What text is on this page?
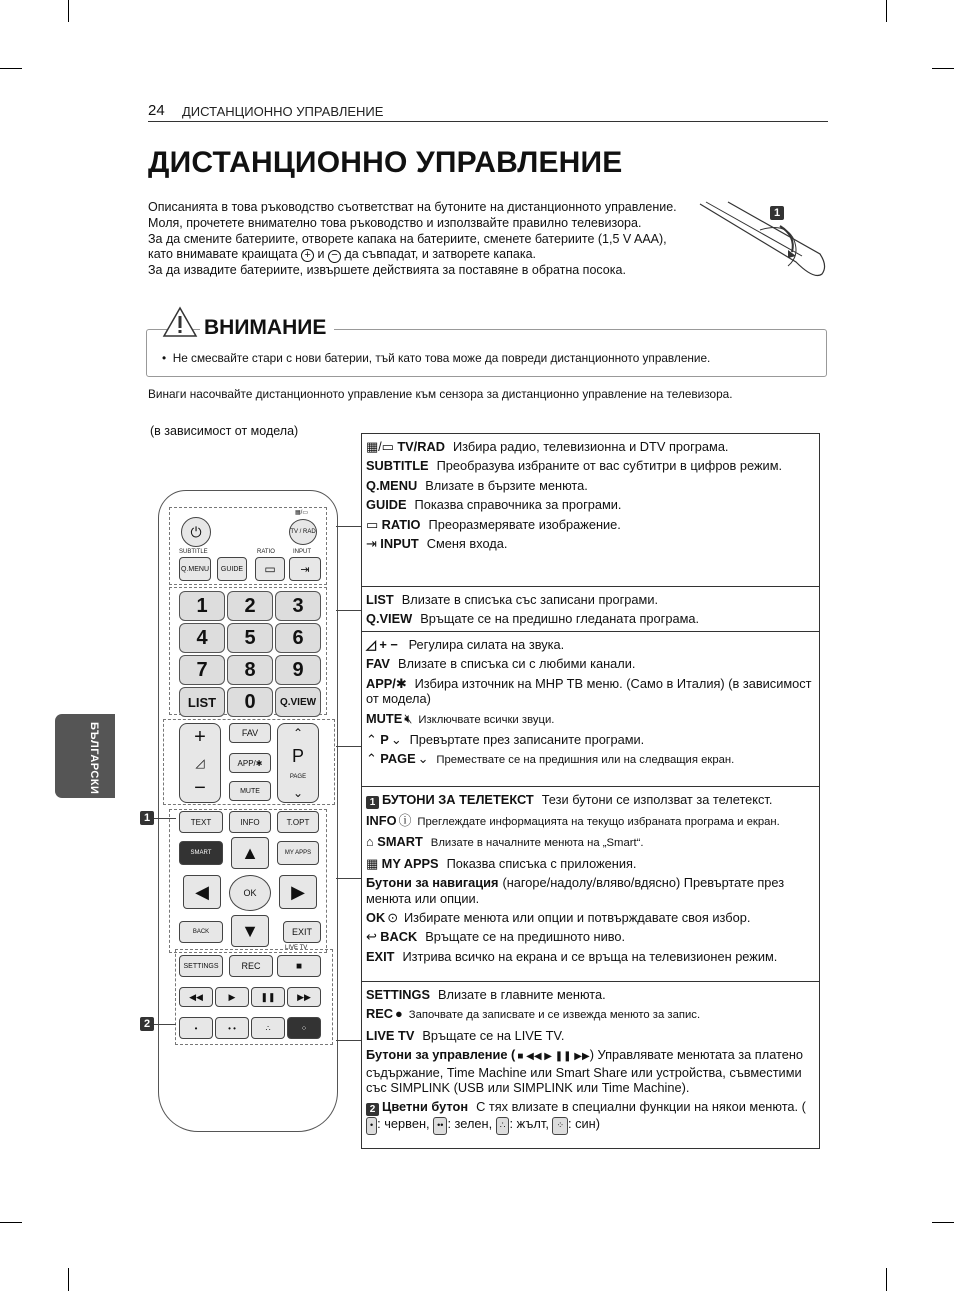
24 ДИСТАНЦИОННО УПРАВЛЕНИЕ
ДИСТАНЦИОННО УПРАВЛЕНИЕ

Описанията в това ръководство съответстват на бутоните на дистанционното управление.

Моля, прочетете внимателно това ръководство и използвайте правилно телевизора.

За да смените батериите, отворете капака на батериите, сменете батериите (1,5 V AAA), като внимавате краищата + и − да съвпадат, и затворете капака.

За да извадите батериите, извършете действията за поставяне в обратна посока.

1
ВНИМАНИЕ
•  Не смесвайте стари с нови батерии, тъй като това може да повреди дистанционното управление.
Винаги насочвайте дистанционното управление към сензора за дистанционно управление на телевизора.
(в зависимост от модела)
БЪЛГАРСКИ
⏻
▦/▭
TV / RAD
SUBTITLE	RATIO	INPUT
Q.MENU	GUIDE	▭	⇥
1	2	3
4	5	6
7	8	9
LIST	0	Q.VIEW
+
◿
−
FAV
APP/✱
MUTE
⌃
P
PAGE
⌄
TEXT	INFO	T.OPT
SMART	MY APPS
▲
◀	OK	▶
▼
BACK	EXIT
LIVE TV
SETTINGS	REC	■
◀◀	▶	❚❚	▶▶
•	• •	∴	⁘
1
2
▦/▭ TV/RAD Избира радио, телевизионна и DTV програма.
SUBTITLE Преобразува избраните от вас субтитри в цифров режим.
Q.MENU Влизате в бързите менюта.
GUIDE Показва справочника за програми.
▭ RATIO Преоразмерявате изображение.
⇥ INPUT Сменя входа.
LIST Влизате в списъка със записани програми.
Q.VIEW Връщате се на предишно гледаната програма.
◿ + − Регулира силата на звука.
FAV Влизате в списъка си с любими канали.
APP/✱ Избира източник на MHP TB меню. (Само в Италия) (в зависимост от модела)
MUTE 🔇︎ Изключвате всички звуци.
⌃ P ⌄ Превъртате през записаните програми.
⌃ PAGE ⌄ Премествате се на предишния или на следващия екран.
1 БУТОНИ ЗА ТЕЛЕТЕКСТ Тези бутони се използват за телетекст.
INFO ⓘ Преглеждате информацията на текущо избраната програма и екран.
⌂ SMART Влизате в началните менюта на „Smart“.
▦ MY APPS Показва списъка с приложения.
Бутони за навигация (нагоре/надолу/вляво/вдясно) Превъртате през менюта или опции.
OK ⊙ Избирате менюта или опции и потвърждавате своя избор.
↩ BACK Връщате се на предишното ниво.
EXIT Изтрива всичко на екрана и се връща на телевизионен режим.
SETTINGS Влизате в главните менюта.
REC ● Започвате да записвате и се извежда менюто за запис.
LIVE TV Връщате се на LIVE TV.
Бутони за управление ( ■ ◀◀ ▶ ❚❚ ▶▶) Управлявате менютата за платено съдържание, Time Machine или Smart Share или устройства, съвместими със SIMPLINK (USB или SIMPLINK или Time Machine).
2 Цветни бутон С тях влизате в специални функции на някои менюта. (• : червен, •• : зелен, ∴ : жълт, ⁘ : син)
